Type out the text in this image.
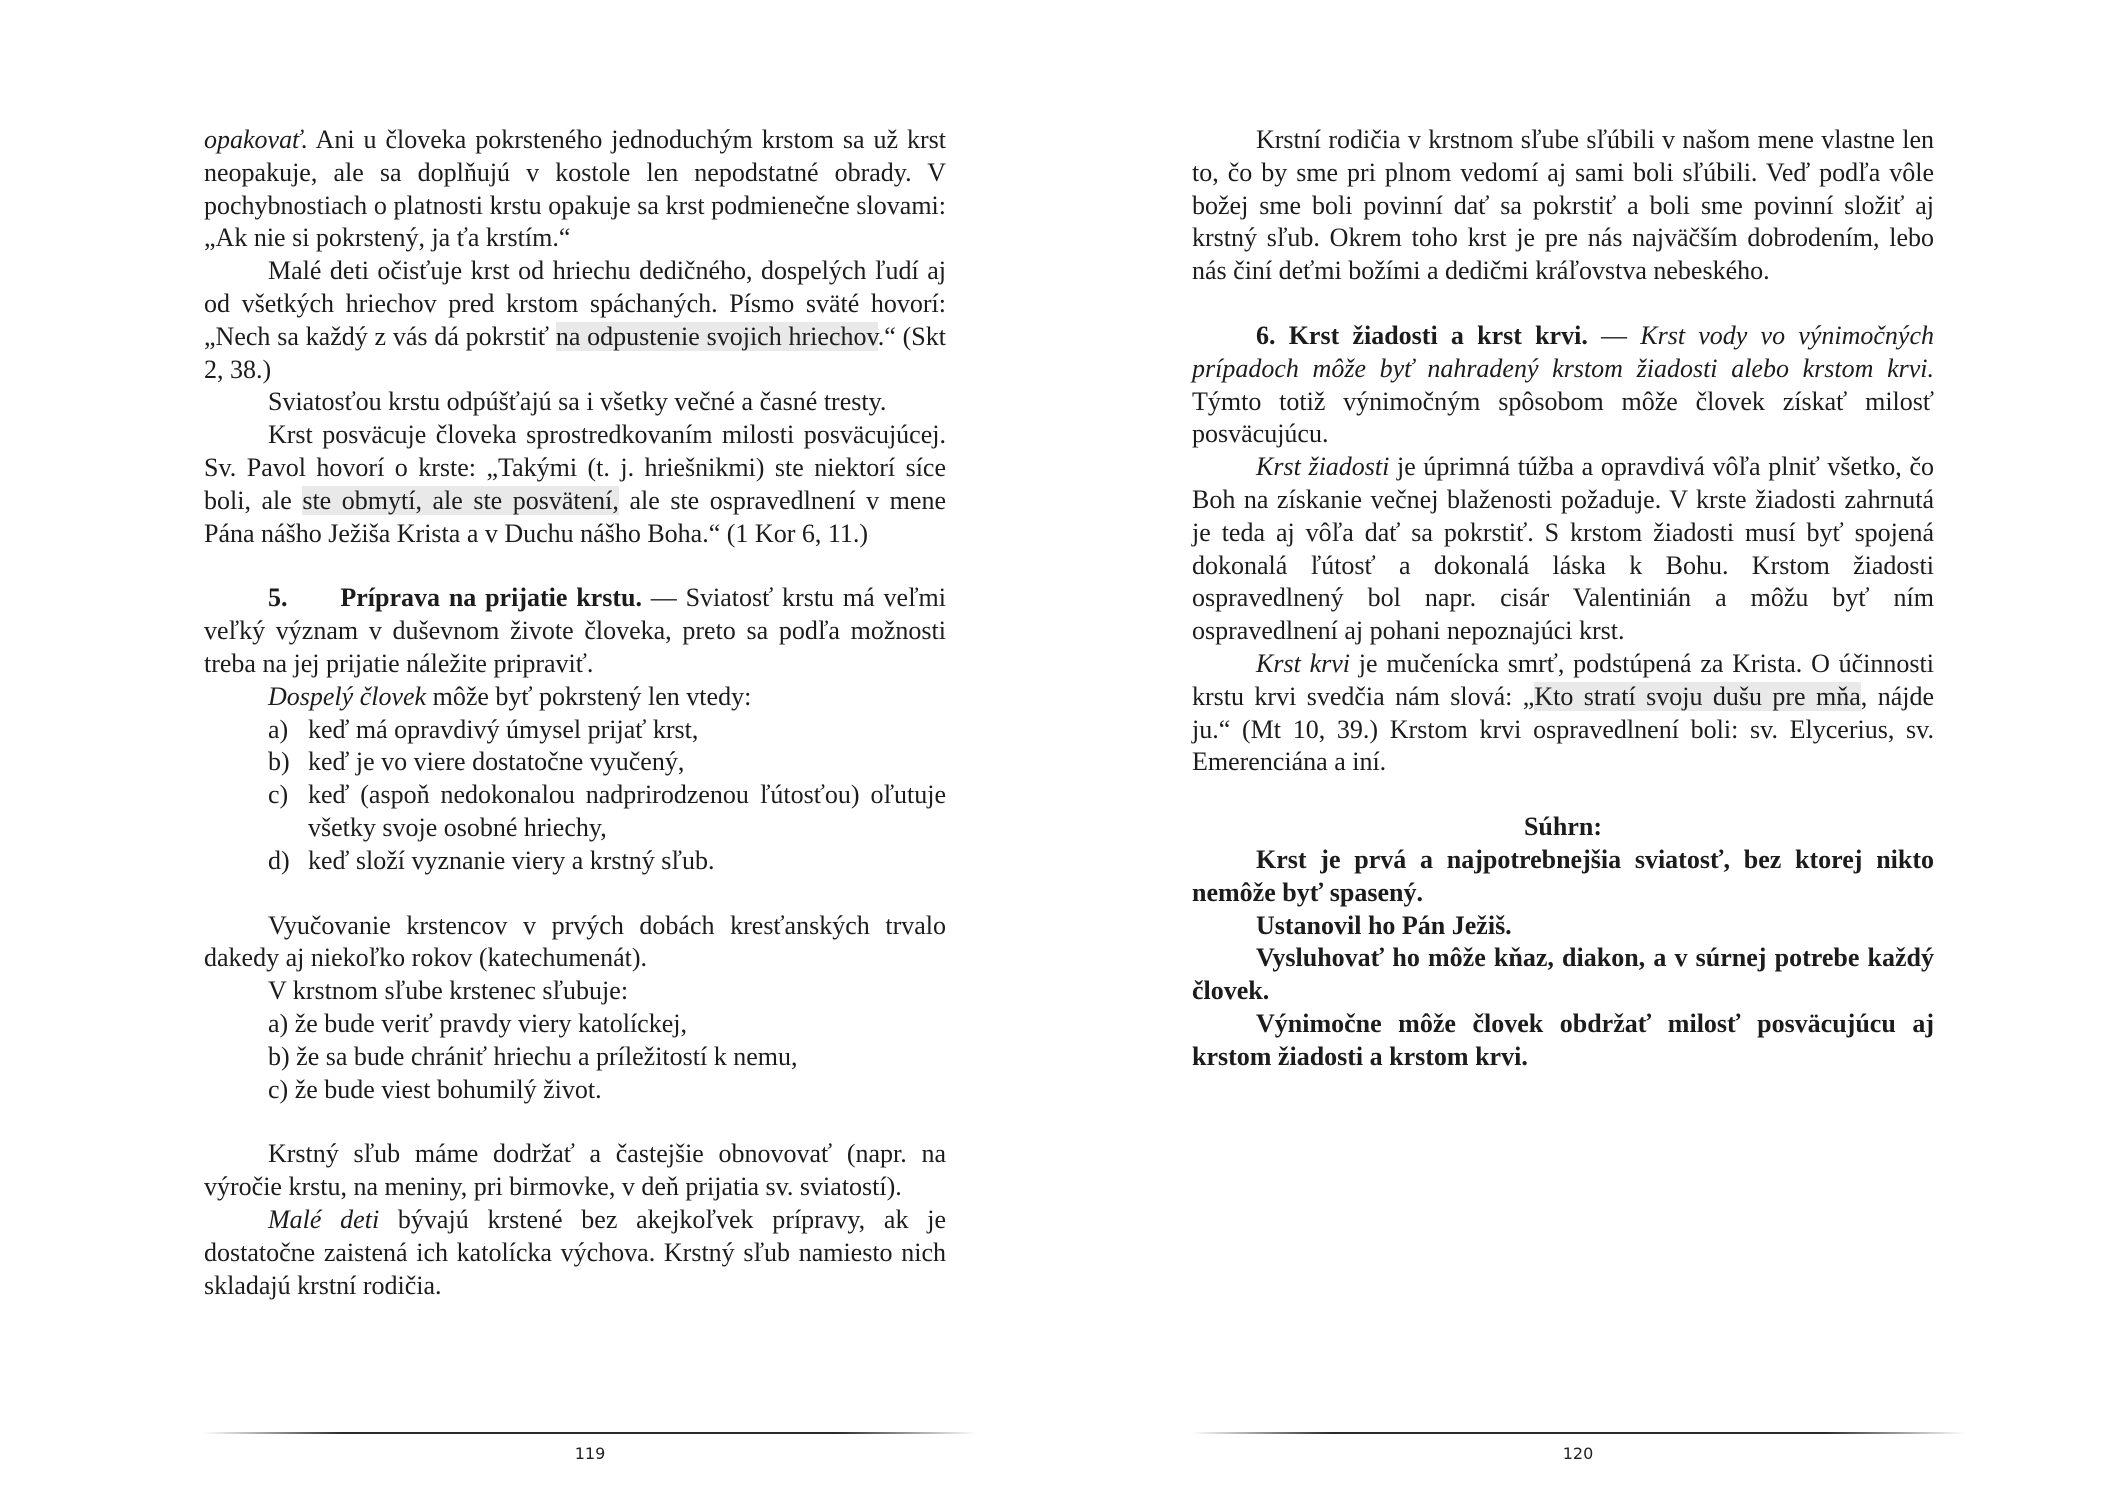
opakovať. Ani u človeka pokrsteného jednoduchým krstom sa už krst neopakuje, ale sa doplňujú v kostole len nepodstatné obrady. V pochybnostiach o platnosti krstu opakuje sa krst podmienečne slovami: „Ak nie si pokrstený, ja ťa krstím.“

Malé deti očisťuje krst od hriechu dedičného, dospelých ľudí aj od všetkých hriechov pred krstom spáchaných. Písmo sväté hovorí: „Nech sa každý z vás dá pokrstiť na odpustenie svojich hriechov.“ (Skt 2, 38.)

Sviatosťou krstu odpúšťajú sa i všetky večné a časné tresty.

Krst posväcuje človeka sprostredkovaním milosti posväcujúcej. Sv. Pavol hovorí o krste: „Takými (t. j. hriešnikmi) ste niektorí síce boli, ale ste obmytí, ale ste posvätení, ale ste ospravedlnení v mene Pána nášho Ježiša Krista a v Duchu nášho Boha.“ (1 Kor 6, 11.)

5. Príprava na prijatie krstu. — Sviatosť krstu má veľmi veľký význam v duševnom živote človeka, preto sa podľa možnosti treba na jej prijatie náležite pripraviť.

Dospelý človek môže byť pokrstený len vtedy:

a) keď má opravdivý úmysel prijať krst,
b) keď je vo viere dostatočne vyučený,
c) keď (aspoň nedokonalou nadprirodzenou ľútosťou) oľutuje všetky svoje osobné hriechy,
d) keď složí vyznanie viery a krstný sľub.

Vyučovanie krstencov v prvých dobách kresťanských trvalo dakedy aj niekoľko rokov (katechumenát).

V krstnom sľube krstenec sľubuje:

a) že bude veriť pravdy viery katolíckej,
b) že sa bude chrániť hriechu a príležitostí k nemu,
c) že bude viest bohumilý život.

Krstný sľub máme dodržať a častejšie obnovovať (napr. na výročie krstu, na meniny, pri birmovke, v deň prijatia sv. sviatostí).

Malé deti bývajú krstené bez akejkoľvek prípravy, ak je dostatočne zaistená ich katolícka výchova. Krstný sľub namiesto nich skladajú krstní rodičia.

Krstní rodičia v krstnom sľube sľúbili v našom mene vlastne len to, čo by sme pri plnom vedomí aj sami boli sľúbili. Veď podľa vôle božej sme boli povinní dať sa pokrstiť a boli sme povinní složiť aj krstný sľub. Okrem toho krst je pre nás najväčším dobrodením, lebo nás činí deťmi božími a dedičmi kráľovstva nebeského.

6. Krst žiadosti a krst krvi. — Krst vody vo výnimočných prípadoch môže byť nahradený krstom žiadosti alebo krstom krvi. Týmto totiž výnimočným spôsobom môže človek získať milosť posväcujúcu.

Krst žiadosti je úprimná túžba a opravdivá vôľa plniť všetko, čo Boh na získanie večnej blaženosti požaduje. V krste žiadosti zahrnutá je teda aj vôľa dať sa pokrstiť. S krstom žiadosti musí byť spojená dokonalá ľútosť a dokonalá láska k Bohu. Krstom žiadosti ospravedlnený bol napr. cisár Valentinián a môžu byť ním ospravedlnení aj pohani nepoznajúci krst.

Krst krvi je mučenícka smrť, podstúpená za Krista. O účinnosti krstu krvi svedčia nám slová: „Kto stratí svoju dušu pre mňa, nájde ju.“ (Mt 10, 39.) Krstom krvi ospravedlnení boli: sv. Elycerius, sv. Emerenciána a iní.

Súhrn:

Krst je prvá a najpotrebnejšia sviatosť, bez ktorej nikto nemôže byť spasený.

Ustanovil ho Pán Ježiš.

Vysluhovať ho môže kňaz, diakon, a v súrnej potrebe každý človek.

Výnimočne môže človek obdržať milosť posväcujúcu aj krstom žiadosti a krstom krvi.

119	120
